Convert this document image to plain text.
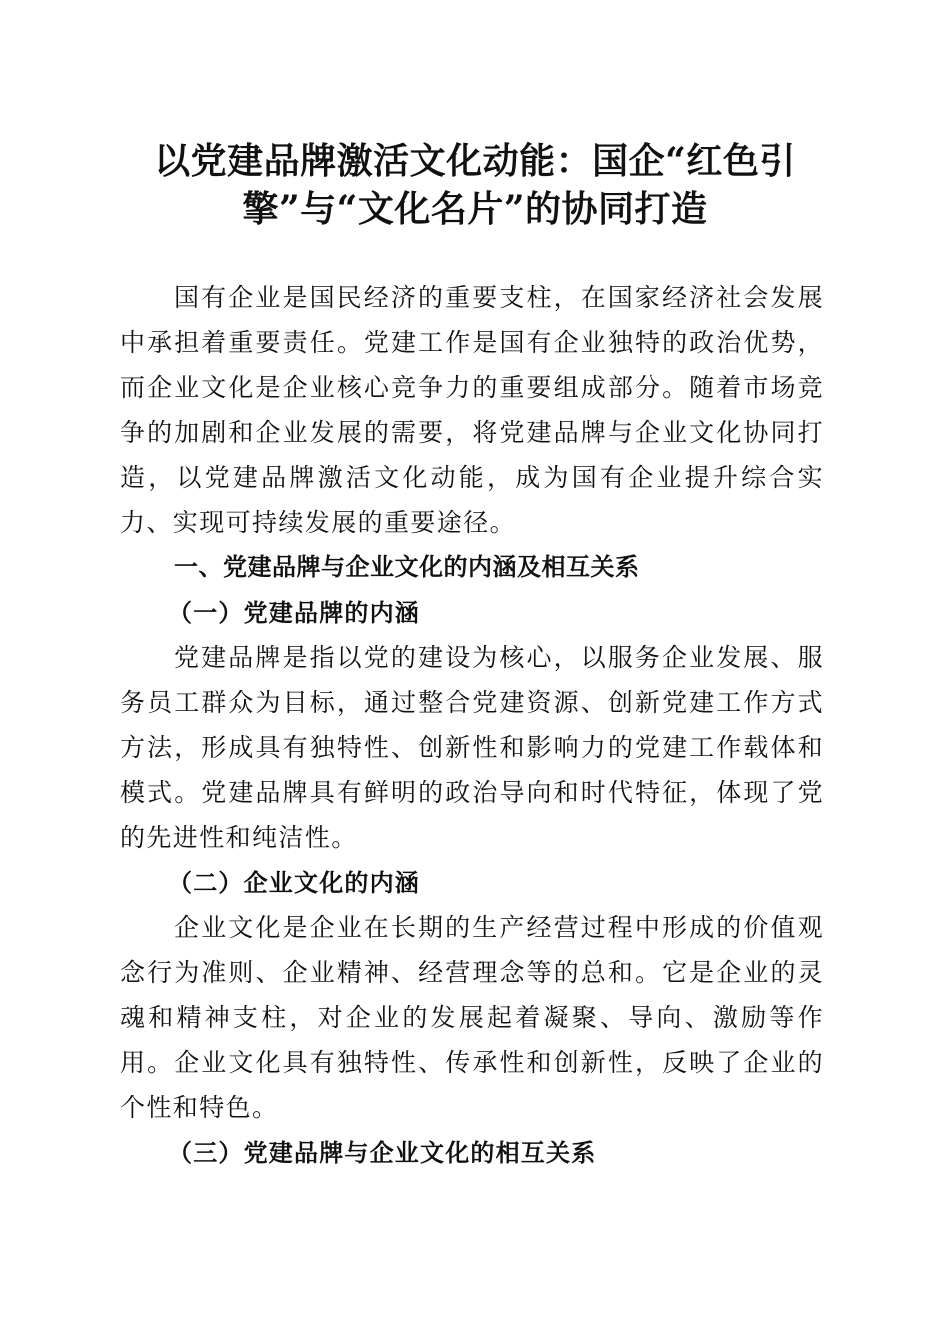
以党建品牌激活文化动能：国企“红色引
擎”与“文化名片”的协同打造

国有企业是国民经济的重要支柱，在国家经济社会发展中承担着重要责任。党建工作是国有企业独特的政治优势，而企业文化是企业核心竞争力的重要组成部分。随着市场竞争的加剧和企业发展的需要，将党建品牌与企业文化协同打造，以党建品牌激活文化动能，成为国有企业提升综合实力、实现可持续发展的重要途径。

一、党建品牌与企业文化的内涵及相互关系
（一）党建品牌的内涵

党建品牌是指以党的建设为核心，以服务企业发展、服务员工群众为目标，通过整合党建资源、创新党建工作方式方法，形成具有独特性、创新性和影响力的党建工作载体和模式。党建品牌具有鲜明的政治导向和时代特征，体现了党的先进性和纯洁性。

（二）企业文化的内涵

企业文化是企业在长期的生产经营过程中形成的价值观念行为准则、企业精神、经营理念等的总和。它是企业的灵魂和精神支柱，对企业的发展起着凝聚、导向、激励等作用。企业文化具有独特性、传承性和创新性，反映了企业的个性和特色。

（三）党建品牌与企业文化的相互关系
